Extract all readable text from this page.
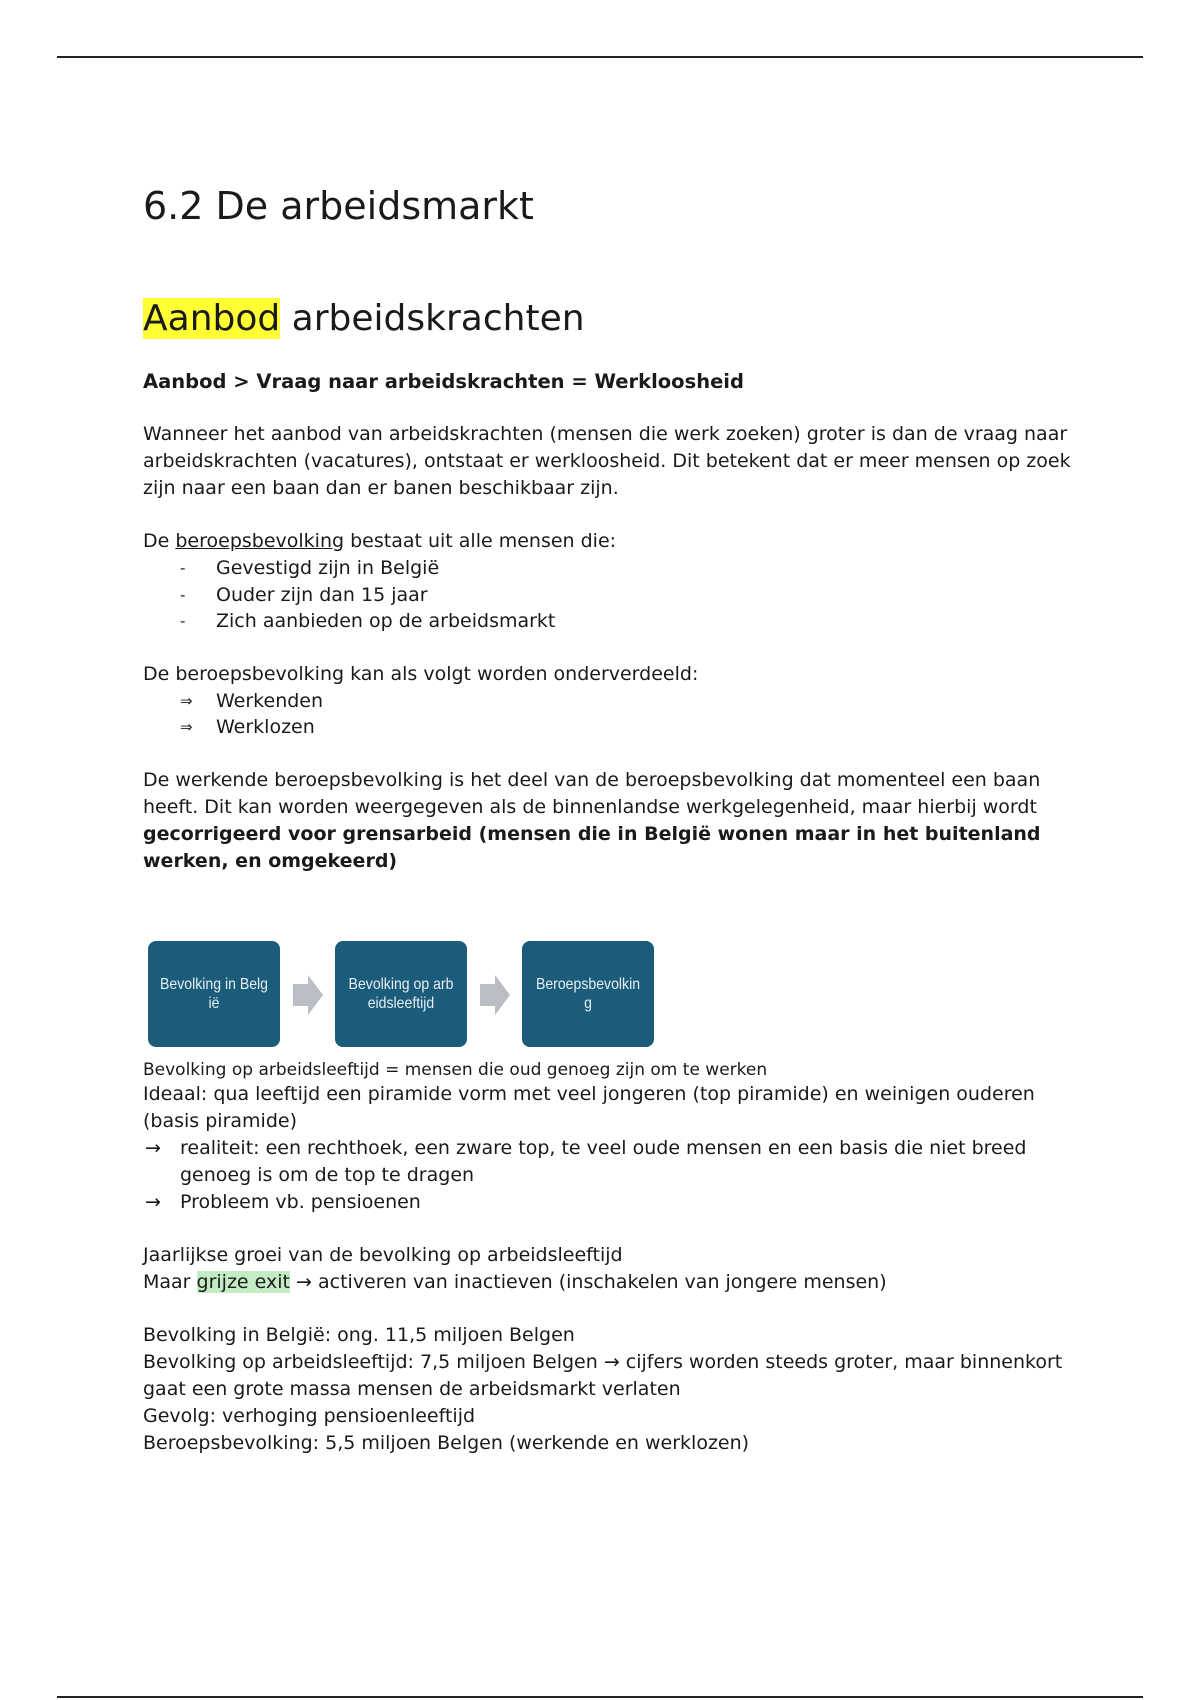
6.2 De arbeidsmarkt
Aanbod arbeidskrachten

Aanbod > Vraag naar arbeidskrachten = Werkloosheid

Wanneer het aanbod van arbeidskrachten (mensen die werk zoeken) groter is dan de vraag naar arbeidskrachten (vacatures), ontstaat er werkloosheid. Dit betekent dat er meer mensen op zoek zijn naar een baan dan er banen beschikbaar zijn.

De beroepsbevolking bestaat uit alle mensen die:

- Gevestigd zijn in België
- Ouder zijn dan 15 jaar
- Zich aanbieden op de arbeidsmarkt

De beroepsbevolking kan als volgt worden onderverdeeld:

⇒ Werkenden
⇒ Werklozen

De werkende beroepsbevolking is het deel van de beroepsbevolking dat momenteel een baan heeft. Dit kan worden weergegeven als de binnenlandse werkgelegenheid, maar hierbij wordt gecorrigeerd voor grensarbeid (mensen die in België wonen maar in het buitenland werken, en omgekeerd)

Bevolking in België
Bevolking op arbeidsleeftijd
Beroepsbevolking

Bevolking op arbeidsleeftijd = mensen die oud genoeg zijn om te werken

Ideaal: qua leeftijd een piramide vorm met veel jongeren (top piramide) en weinigen ouderen (basis piramide)

→ realiteit: een rechthoek, een zware top, te veel oude mensen en een basis die niet breed genoeg is om de top te dragen
→ Probleem vb. pensioenen

Jaarlijkse groei van de bevolking op arbeidsleeftijd

Maar grijze exit → activeren van inactieven (inschakelen van jongere mensen)

Bevolking in België: ong. 11,5 miljoen Belgen

Bevolking op arbeidsleeftijd: 7,5 miljoen Belgen → cijfers worden steeds groter, maar binnenkort gaat een grote massa mensen de arbeidsmarkt verlaten

Gevolg: verhoging pensioenleeftijd

Beroepsbevolking: 5,5 miljoen Belgen (werkende en werklozen)
